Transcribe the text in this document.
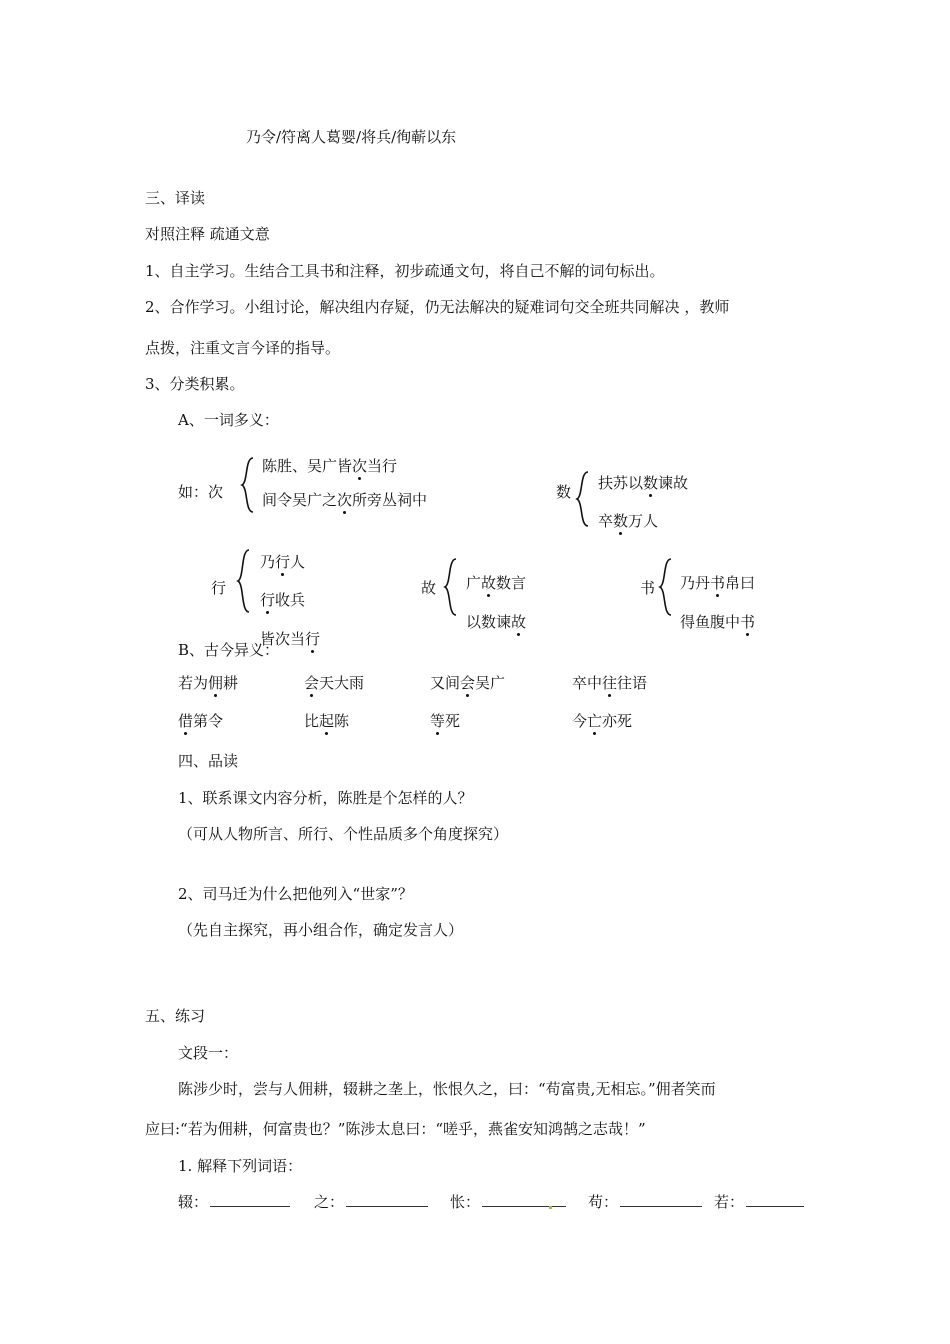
乃令/符离人葛婴/将兵/徇蕲以东
三、译读
对照注释 疏通文意
1、自主学习。生结合工具书和注释，初步疏通文句，将自己不解的词句标出。
2、合作学习。小组讨论，解决组内存疑，仍无法解决的疑难词句交全班共同解决 ，教师
点拨，注重文言今译的指导。
3、分类积累。
A、一词多义：
如：次
陈胜、吴广皆次当行
间令吴广之次所旁丛祠中	数 扶苏以数谏故
卒数万人
行
乃行人
行收兵
皆次当行
故 广故数言
以数谏故
书 乃丹书帛曰
得鱼腹中书
B、古今异义：
若为佣耕	会天大雨	又间会吴广	卒中往往语
借第令	比起陈	等死	今亡亦死
四、品读
1、联系课文内容分析，陈胜是个怎样的人？
（可从人物所言、所行、个性品质多个角度探究）
2、司马迁为什么把他列入“世家”？
（先自主探究，再小组合作，确定发言人）
五、练习
文段一：
陈涉少时，尝与人佣耕，辍耕之垄上，怅恨久之，曰：“苟富贵,无相忘。”佣者笑而
应曰:“若为佣耕，何富贵也？”陈涉太息曰：“嗟乎，燕雀安知鸿鹄之志哉！”
1. 解释下列词语：
辍：	之：	怅：	苟：	若：
